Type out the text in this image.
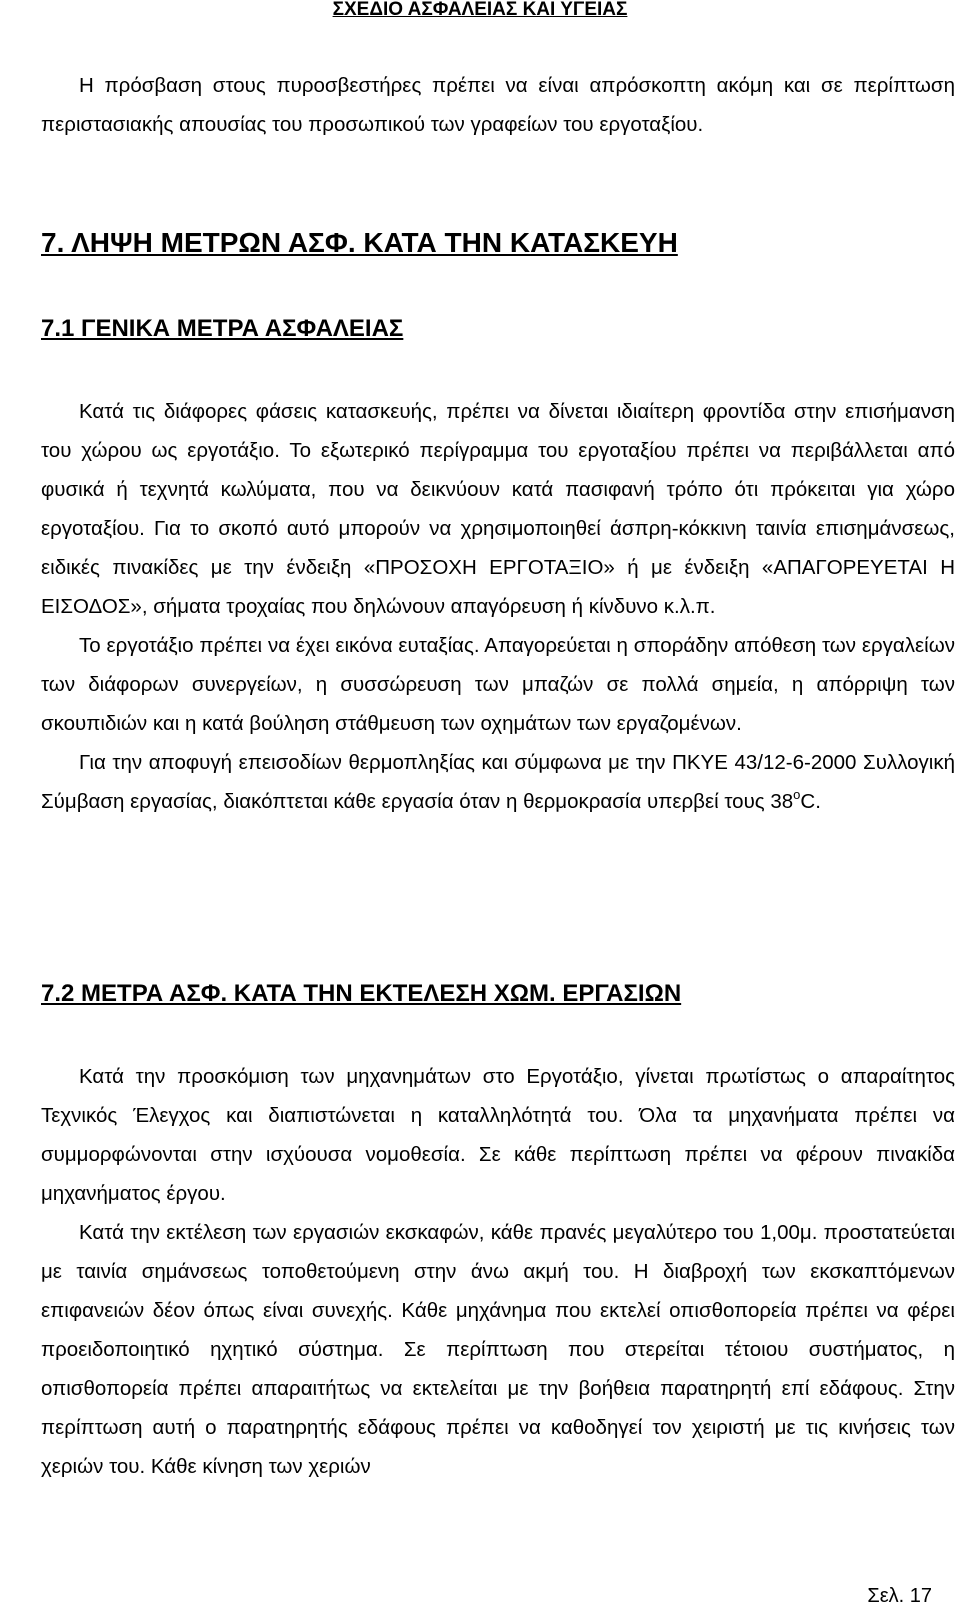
ΣΧΕΔΙΟ ΑΣΦΑΛΕΙΑΣ ΚΑΙ ΥΓΕΙΑΣ

Η πρόσβαση στους πυροσβεστήρες πρέπει να είναι απρόσκοπτη ακόμη και σε περίπτωση περιστασιακής απουσίας του προσωπικού των γραφείων του εργοταξίου.

7. ΛΗΨΗ ΜΕΤΡΩΝ ΑΣΦ. ΚΑΤΑ ΤΗΝ ΚΑΤΑΣΚΕΥΗ

7.1 ΓΕΝΙΚΑ ΜΕΤΡΑ ΑΣΦΑΛΕΙΑΣ

Κατά τις διάφορες φάσεις κατασκευής, πρέπει να δίνεται ιδιαίτερη φροντίδα στην επισήμανση του χώρου ως εργοτάξιο. Το εξωτερικό περίγραμμα του εργοταξίου πρέπει να περιβάλλεται από φυσικά ή τεχνητά κωλύματα, που να δεικνύουν κατά πασιφανή τρόπο ότι πρόκειται για χώρο εργοταξίου. Για το σκοπό αυτό μπορούν να χρησιμοποιηθεί άσπρη-κόκκινη ταινία επισημάνσεως, ειδικές πινακίδες με την ένδειξη «ΠΡΟΣΟΧΗ ΕΡΓΟΤΑΞΙΟ» ή με ένδειξη «ΑΠΑΓΟΡΕΥΕΤΑΙ Η ΕΙΣΟΔΟΣ», σήματα τροχαίας που δηλώνουν απαγόρευση ή κίνδυνο κ.λ.π.

Το εργοτάξιο πρέπει να έχει εικόνα ευταξίας. Απαγορεύεται η σποράδην απόθεση των εργαλείων των διάφορων συνεργείων, η συσσώρευση των μπαζών σε πολλά σημεία, η απόρριψη των σκουπιδιών και η κατά βούληση στάθμευση των οχημάτων των εργαζομένων.

Για την αποφυγή επεισοδίων θερμοπληξίας και σύμφωνα με την ΠΚΥΕ 43/12-6-2000 Συλλογική Σύμβαση εργασίας, διακόπτεται κάθε εργασία όταν η θερμοκρασία υπερβεί τους 38$^o$C.

7.2 ΜΕΤΡΑ ΑΣΦ. ΚΑΤΑ ΤΗΝ ΕΚΤΕΛΕΣΗ ΧΩΜ. ΕΡΓΑΣΙΩΝ

Κατά την προσκόμιση των μηχανημάτων στο Εργοτάξιο, γίνεται πρωτίστως ο απαραίτητος Τεχνικός Έλεγχος και διαπιστώνεται η καταλληλότητά του. Όλα τα μηχανήματα πρέπει να συμμορφώνονται στην ισχύουσα νομοθεσία. Σε κάθε περίπτωση πρέπει να φέρουν πινακίδα μηχανήματος έργου.

Κατά την εκτέλεση των εργασιών εκσκαφών, κάθε πρανές μεγαλύτερο του 1,00μ. προστατεύεται με ταινία σημάνσεως τοποθετούμενη στην άνω ακμή του. Η διαβροχή των εκσκαπτόμενων επιφανειών δέον όπως είναι συνεχής. Κάθε μηχάνημα που εκτελεί οπισθοπορεία πρέπει να φέρει προειδοποιητικό ηχητικό σύστημα. Σε περίπτωση που στερείται τέτοιου συστήματος, η οπισθοπορεία πρέπει απαραιτήτως να εκτελείται με την βοήθεια παρατηρητή επί εδάφους. Στην περίπτωση αυτή ο παρατηρητής εδάφους πρέπει να καθοδηγεί τον χειριστή με τις κινήσεις των χεριών του. Κάθε κίνηση των χεριών

Σελ. 17
